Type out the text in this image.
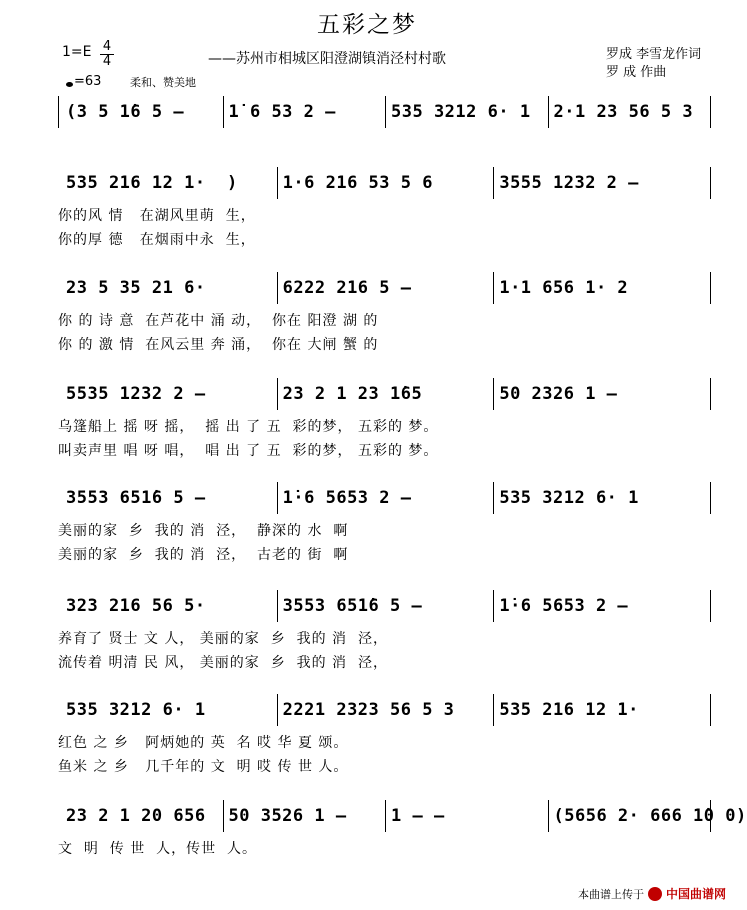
五彩之梦
1=E 4
4	——苏州市相城区阳澄湖镇消泾村村歌	罗成 李雪龙作词
罗 成 作曲
=63	柔和、赞美地
(3 5 1̇6 5 –	1̇ 6 53 2 –	535 3212 6· 1	2·1 23 56 5 3
535 216 12 1·  )	1·6 216 53 5 6	3555 1232 2 –
你的风 情   在湖风里萌  生，
你的厚 德   在烟雨中永  生，
23 5 35 21 6·	6222 216 5 –	1·1 656 1· 2
你 的 诗 意  在芦花中 涌 动，  你在 阳澄 湖 的
你 的 激 情  在风云里 奔 涌，  你在 大闸 蟹 的
5535 1232 2 –	23 2 1 23 1̇65	50 2326 1 –
乌篷船上 摇 呀 摇，  摇 出 了 五  彩的梦， 五彩的 梦。
叫卖声里 唱 呀 唱，  唱 出 了 五  彩的梦， 五彩的 梦。
3553 651̇6 5 –	1̇·6 5653 2 –	535 3212 6· 1
美丽的家  乡  我的 消  泾，  静深的 水  啊
美丽的家  乡  我的 消  泾，  古老的 街  啊
323 216 56 5·	3553 651̇6 5 –	1̇·6 5653 2 –
养育了 贤士 文 人， 美丽的家  乡  我的 消  泾，
流传着 明清 民 风， 美丽的家  乡  我的 消  泾，
535 3212 6· 1	2221 2323 56 5 3	535 216 12 1·
红色 之 乡   阿炳她的 英  名 哎 华 夏 颂。
鱼米 之 乡   几千年的 文  明 哎 传 世 人。
23 2 1 20 656	50 3526 1 –	1 – –	(5656 2· 666 1̇0 0)
文  明  传 世  人，传世  人。
本曲谱上传于 中国曲谱网
